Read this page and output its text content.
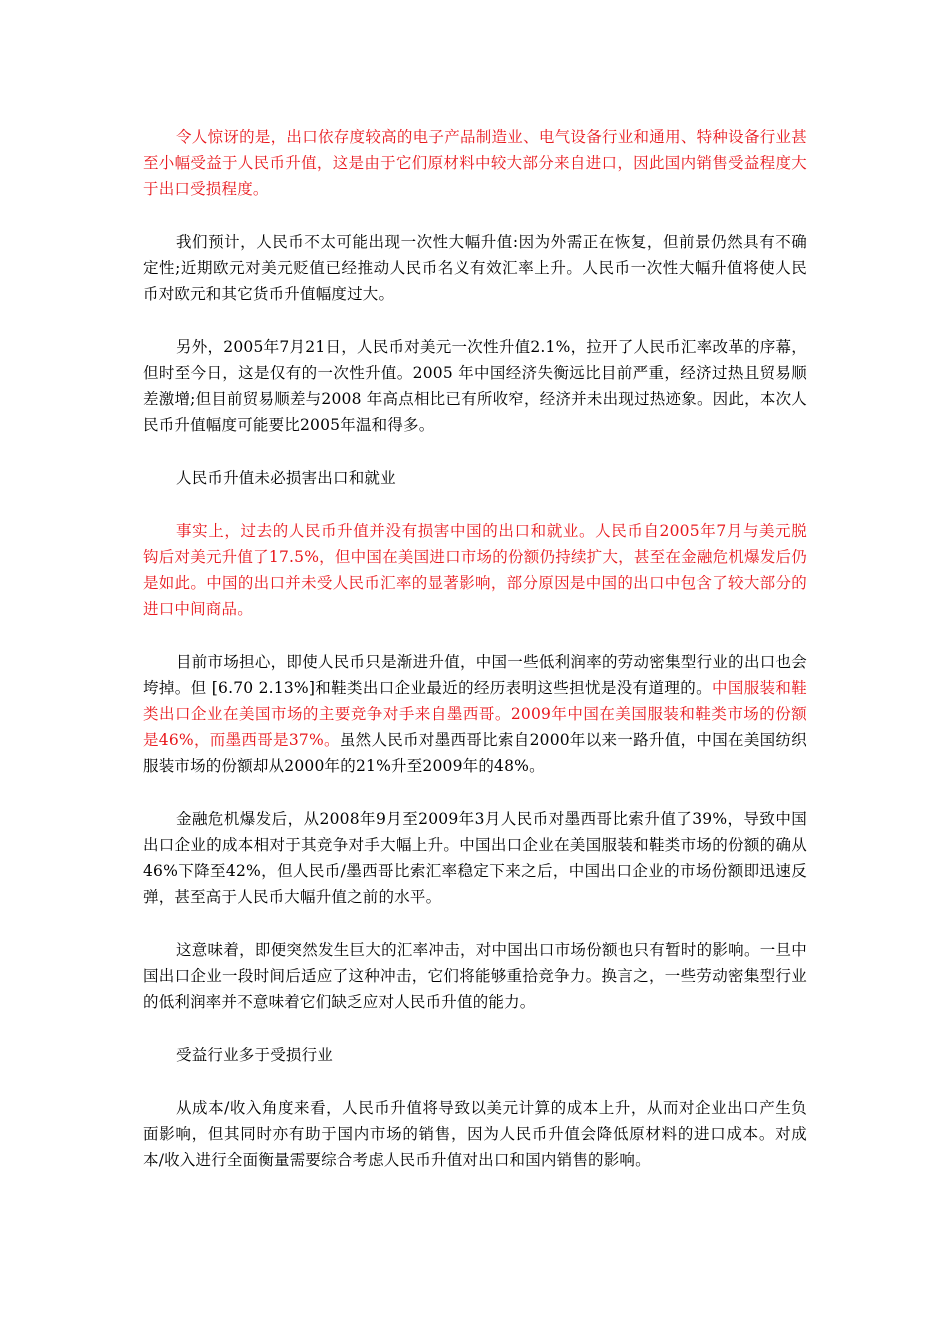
令人惊讶的是，出口依存度较高的电子产品制造业、电气设备行业和通用、特种设备行业甚至小幅受益于人民币升值，这是由于它们原材料中较大部分来自进口，因此国内销售受益程度大于出口受损程度。

我们预计，人民币不太可能出现一次性大幅升值:因为外需正在恢复，但前景仍然具有不确定性;近期欧元对美元贬值已经推动人民币名义有效汇率上升。人民币一次性大幅升值将使人民币对欧元和其它货币升值幅度过大。

另外，2005年7月21日，人民币对美元一次性升值2.1%，拉开了人民币汇率改革的序幕，但时至今日，这是仅有的一次性升值。2005 年中国经济失衡远比目前严重，经济过热且贸易顺差激增;但目前贸易顺差与2008 年高点相比已有所收窄，经济并未出现过热迹象。因此，本次人民币升值幅度可能要比2005年温和得多。

人民币升值未必损害出口和就业

事实上，过去的人民币升值并没有损害中国的出口和就业。人民币自2005年7月与美元脱钩后对美元升值了17.5%，但中国在美国进口市场的份额仍持续扩大，甚至在金融危机爆发后仍是如此。中国的出口并未受人民币汇率的显著影响，部分原因是中国的出口中包含了较大部分的进口中间商品。

目前市场担心，即使人民币只是渐进升值，中国一些低利润率的劳动密集型行业的出口也会垮掉。但 [6.70 2.13%]和鞋类出口企业最近的经历表明这些担忧是没有道理的。中国服装和鞋类出口企业在美国市场的主要竞争对手来自墨西哥。2009年中国在美国服装和鞋类市场的份额是46%，而墨西哥是37%。虽然人民币对墨西哥比索自2000年以来一路升值，中国在美国纺织服装市场的份额却从2000年的21%升至2009年的48%。

金融危机爆发后，从2008年9月至2009年3月人民币对墨西哥比索升值了39%，导致中国出口企业的成本相对于其竞争对手大幅上升。中国出口企业在美国服装和鞋类市场的份额的确从46%下降至42%，但人民币/墨西哥比索汇率稳定下来之后，中国出口企业的市场份额即迅速反弹，甚至高于人民币大幅升值之前的水平。

这意味着，即便突然发生巨大的汇率冲击，对中国出口市场份额也只有暂时的影响。一旦中国出口企业一段时间后适应了这种冲击，它们将能够重拾竞争力。换言之，一些劳动密集型行业的低利润率并不意味着它们缺乏应对人民币升值的能力。

受益行业多于受损行业

从成本/收入角度来看，人民币升值将导致以美元计算的成本上升，从而对企业出口产生负面影响，但其同时亦有助于国内市场的销售，因为人民币升值会降低原材料的进口成本。对成本/收入进行全面衡量需要综合考虑人民币升值对出口和国内销售的影响。
